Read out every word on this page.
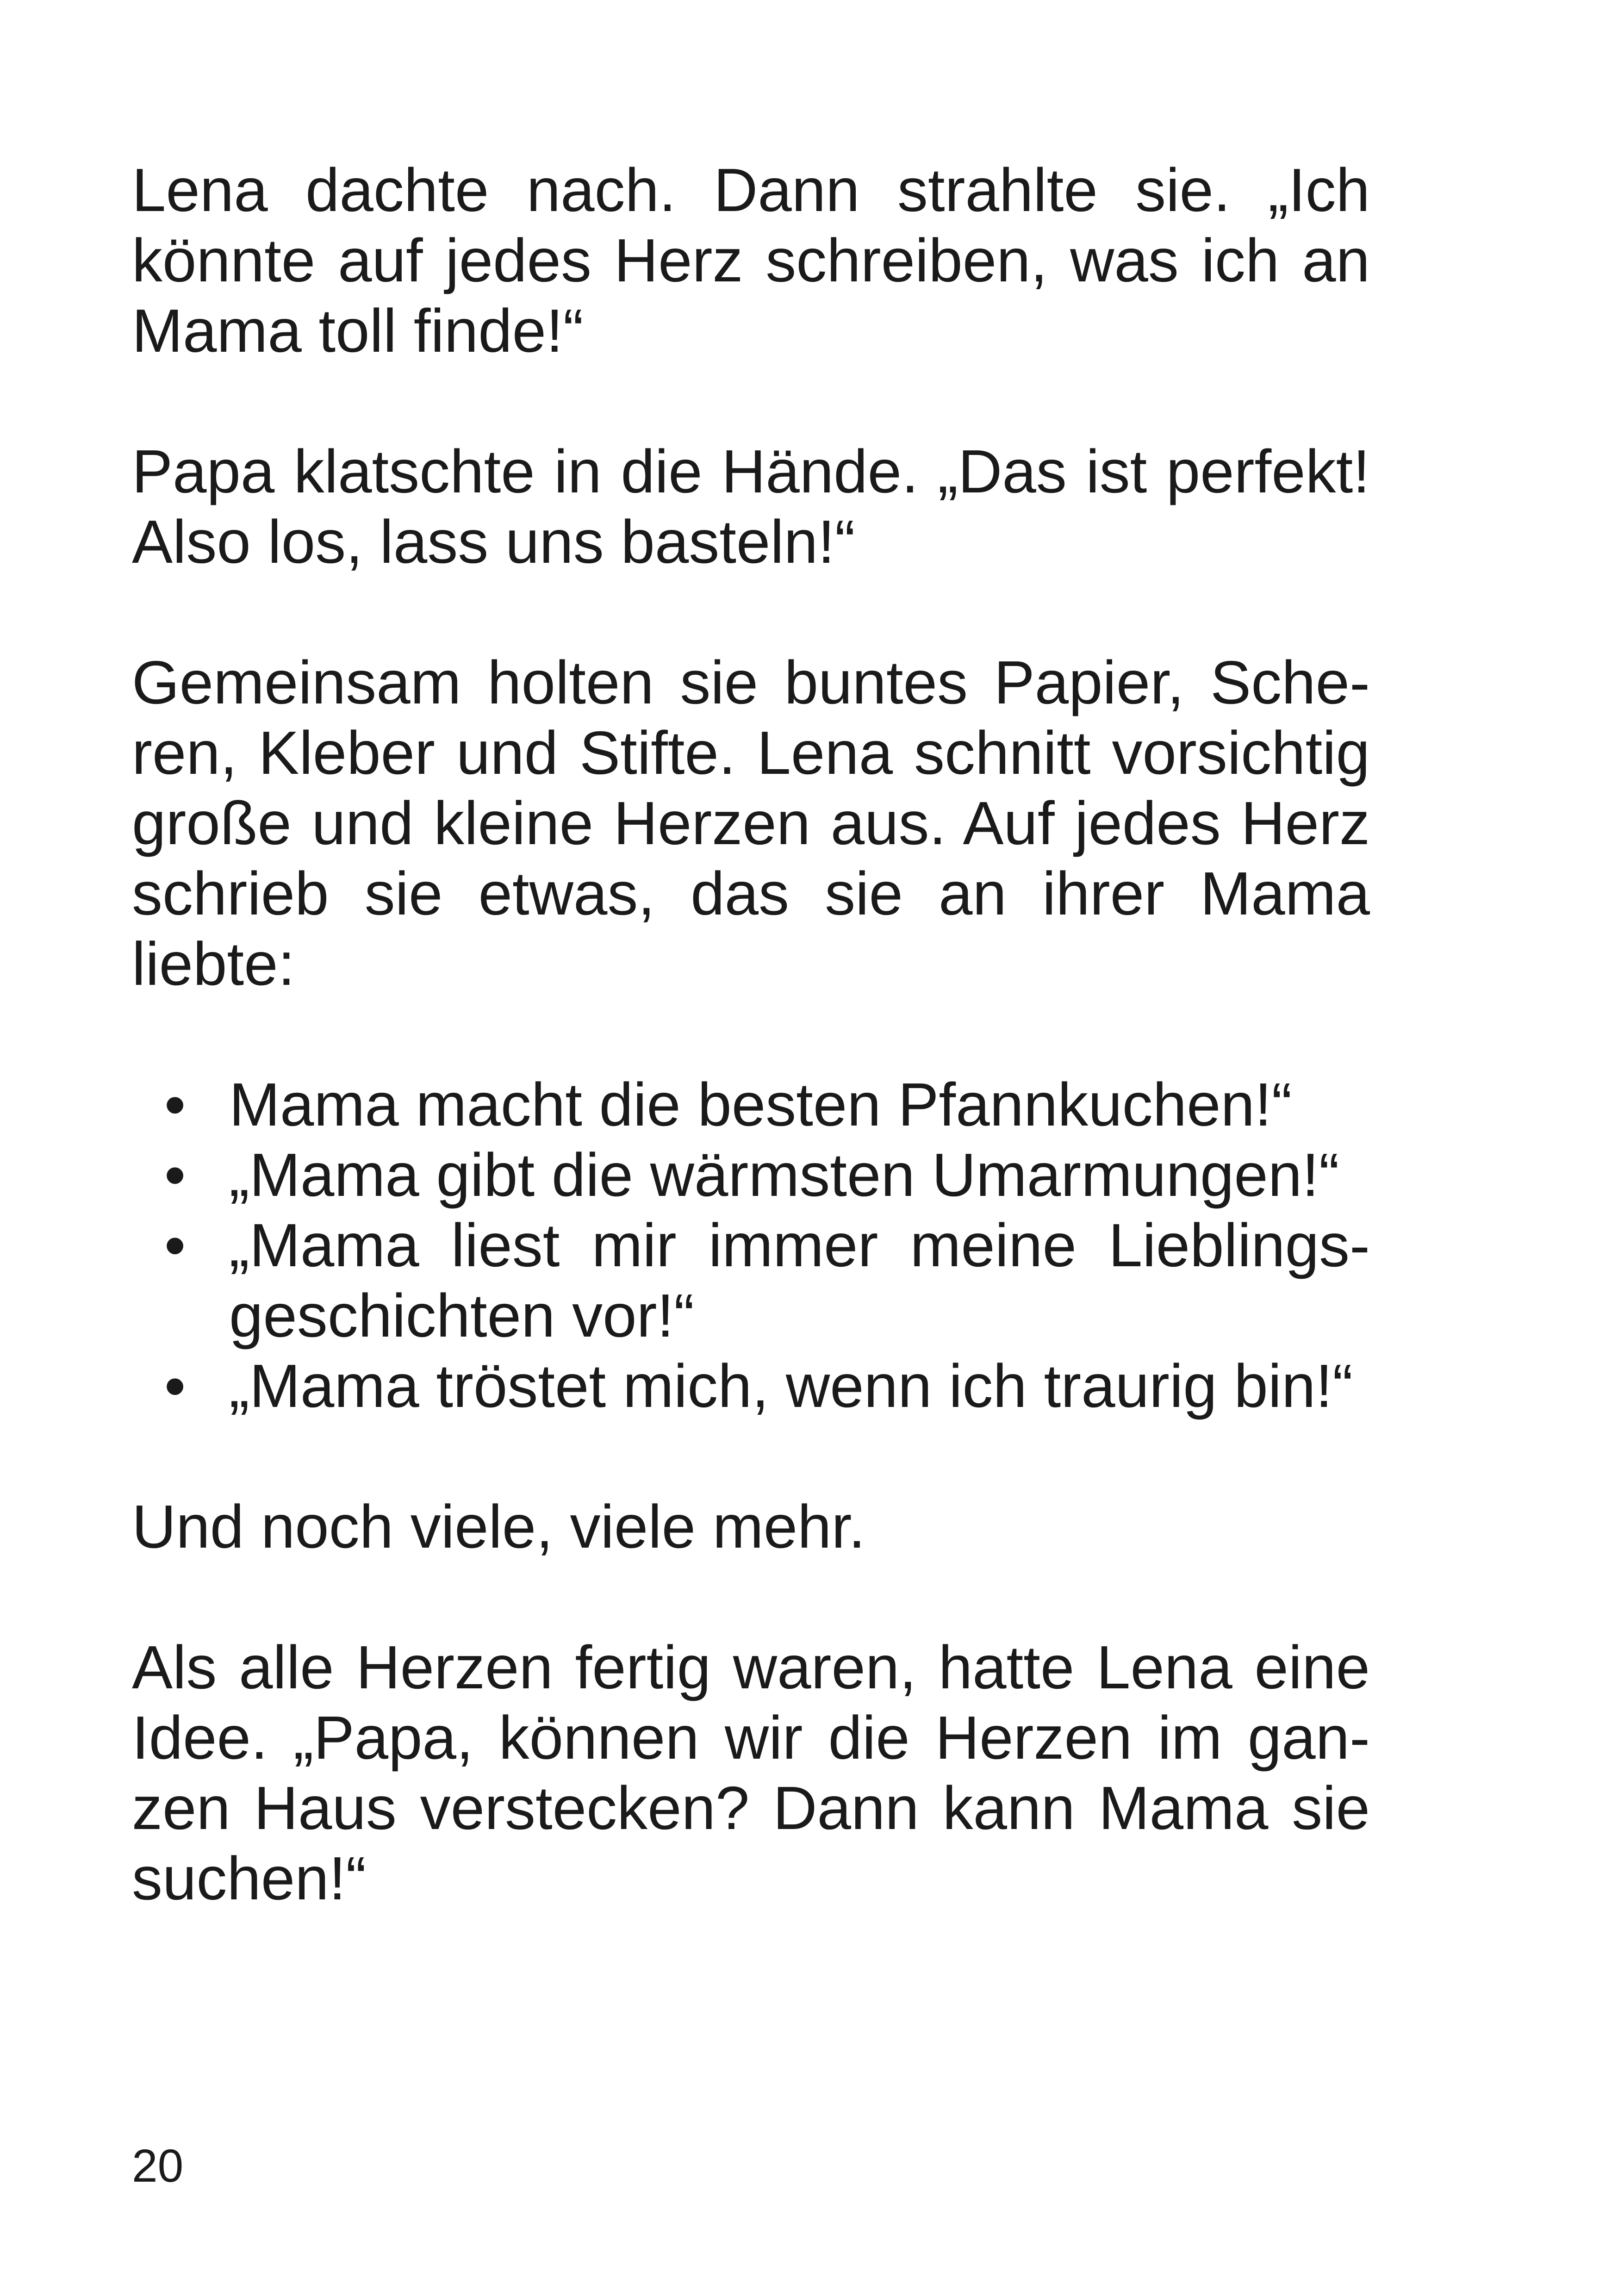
Lena dachte nach. Dann strahlte sie. „Ich könnte auf jedes Herz schreiben, was ich an Mama toll finde!“

Papa klatschte in die Hände. „Das ist perfekt! Also los, lass uns basteln!“

Gemeinsam holten sie buntes Papier, Scheren, Kleber und Stifte. Lena schnitt vorsichtig große und kleine Herzen aus. Auf jedes Herz schrieb sie etwas, das sie an ihrer Mama liebte:

• Mama macht die besten Pfannkuchen!“
• „Mama gibt die wärmsten Umarmungen!“
• „Mama liest mir immer meine Lieblingsgeschichten vor!“
• „Mama tröstet mich, wenn ich traurig bin!“

Und noch viele, viele mehr.

Als alle Herzen fertig waren, hatte Lena eine Idee. „Papa, können wir die Herzen im ganzen Haus verstecken? Dann kann Mama sie suchen!“

20
